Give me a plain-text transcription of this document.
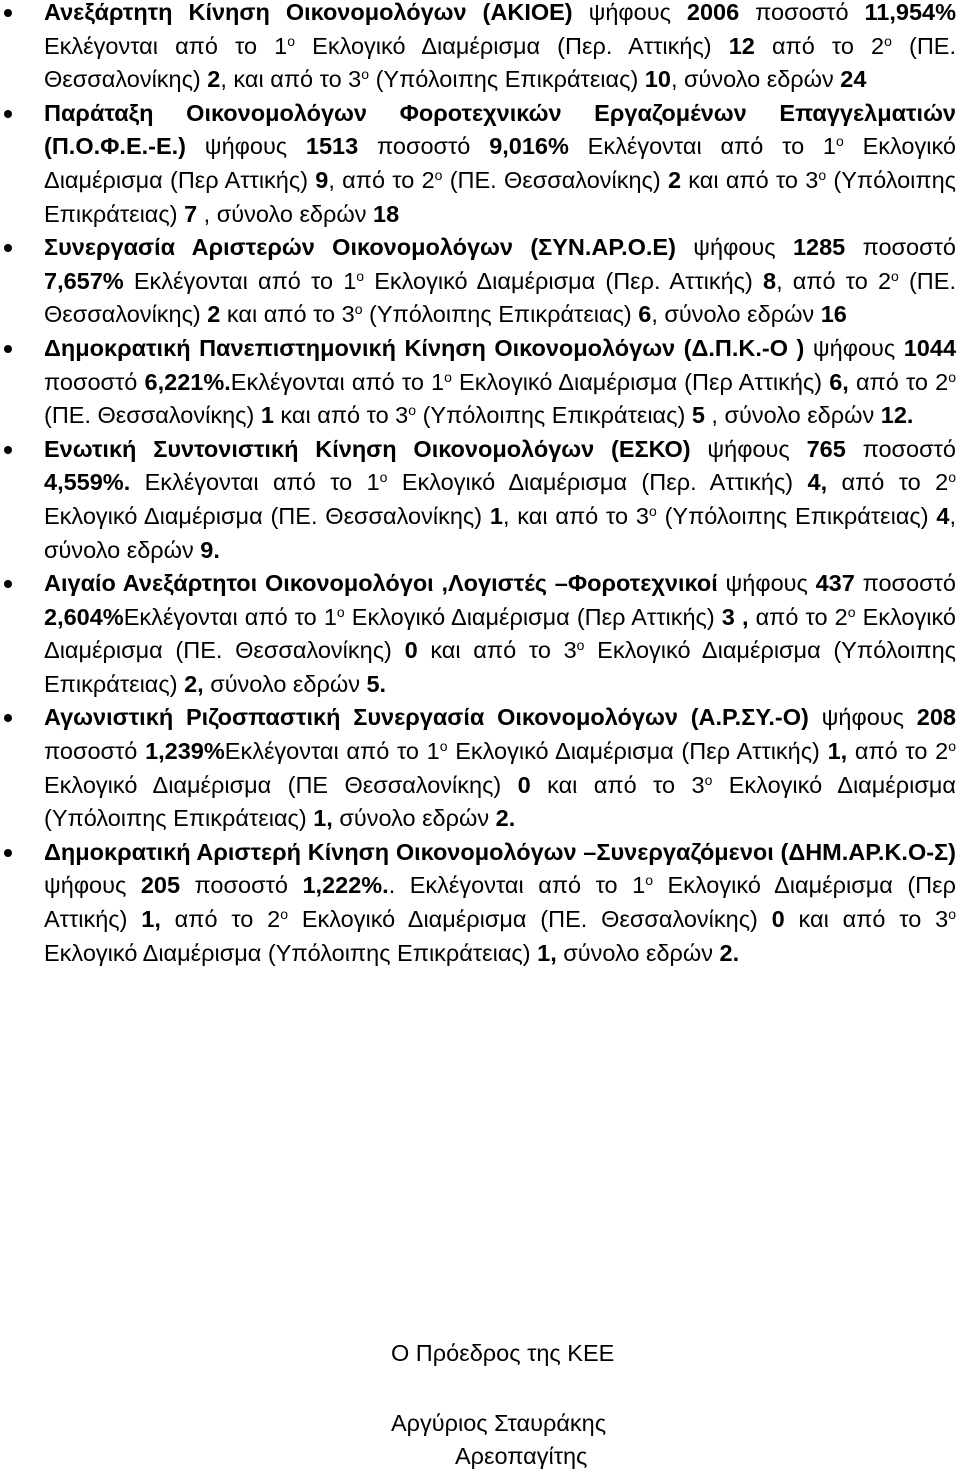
Ανεξάρτητη Κίνηση Οικονομολόγων (ΑΚΙΟΕ) ψήφους 2006 ποσοστό 11,954% Εκλέγονται από το $1^o$ Εκλογικό Διαμέρισμα (Περ. Αττικής) 12 από το $2^o$ (ΠΕ. Θεσσαλονίκης) 2, και από το $3^o$ (Υπόλοιπης Επικράτειας) 10, σύνολο εδρών 24
Παράταξη Οικονομολόγων Φοροτεχνικών Εργαζομένων Επαγγελματιών (Π.Ο.Φ.Ε.-Ε.) ψήφους 1513 ποσοστό 9,016% Εκλέγονται από το $1^o$ Εκλογικό Διαμέρισμα (Περ Αττικής) 9, από το $2^o$ (ΠΕ. Θεσσαλονίκης) 2 και από το $3^o$ (Υπόλοιπης Επικράτειας) 7 , σύνολο εδρών 18
Συνεργασία Αριστερών Οικονομολόγων (ΣΥΝ.ΑΡ.Ο.Ε) ψήφους 1285 ποσοστό 7,657% Εκλέγονται από το $1^o$ Εκλογικό Διαμέρισμα (Περ. Αττικής) 8, από το $2^o$ (ΠΕ. Θεσσαλονίκης) 2 και από το $3^o$ (Υπόλοιπης Επικράτειας) 6, σύνολο εδρών 16
Δημοκρατική Πανεπιστημονική Κίνηση Οικονομολόγων (Δ.Π.Κ.-Ο ) ψήφους 1044 ποσοστό 6,221%.Εκλέγονται από το $1^o$ Εκλογικό Διαμέρισμα (Περ Αττικής) 6, από το $2^o$ (ΠΕ. Θεσσαλονίκης) 1 και από το $3^o$ (Υπόλοιπης Επικράτειας) 5 , σύνολο εδρών 12.
Ενωτική Συντονιστική Κίνηση Οικονομολόγων (ΕΣΚΟ) ψήφους 765 ποσοστό 4,559%. Εκλέγονται από το $1^o$ Εκλογικό Διαμέρισμα (Περ. Αττικής) 4, από το $2^o$ Εκλογικό Διαμέρισμα (ΠΕ. Θεσσαλονίκης) 1, και από το $3^o$ (Υπόλοιπης Επικράτειας) 4, σύνολο εδρών 9.
Αιγαίο Ανεξάρτητοι Οικονομολόγοι ,Λογιστές –Φοροτεχνικοί ψήφους 437 ποσοστό 2,604%Εκλέγονται από το $1^o$ Εκλογικό Διαμέρισμα (Περ Αττικής) 3 , από το $2^o$ Εκλογικό Διαμέρισμα (ΠΕ. Θεσσαλονίκης) 0 και από το $3^o$ Εκλογικό Διαμέρισμα (Υπόλοιπης Επικράτειας) 2, σύνολο εδρών 5.
Αγωνιστική Ριζοσπαστική Συνεργασία Οικονομολόγων (Α.Ρ.ΣΥ.-Ο) ψήφους 208 ποσοστό 1,239%Εκλέγονται από το $1^o$ Εκλογικό Διαμέρισμα (Περ Αττικής) 1, από το $2^o$ Εκλογικό Διαμέρισμα (ΠΕ Θεσσαλονίκης) 0 και από το $3^o$ Εκλογικό Διαμέρισμα (Υπόλοιπης Επικράτειας) 1, σύνολο εδρών 2.
Δημοκρατική Αριστερή Κίνηση Οικονομολόγων –Συνεργαζόμενοι (ΔΗΜ.ΑΡ.Κ.Ο-Σ) ψήφους 205 ποσοστό 1,222%.. Εκλέγονται από το $1^o$ Εκλογικό Διαμέρισμα (Περ Αττικής) 1, από το $2^o$ Εκλογικό Διαμέρισμα (ΠΕ. Θεσσαλονίκης) 0 και από το $3^o$ Εκλογικό Διαμέρισμα (Υπόλοιπης Επικράτειας) 1, σύνολο εδρών 2.
Ο Πρόεδρος της ΚΕΕ
Αργύριος Σταυράκης
Αρεοπαγίτης
